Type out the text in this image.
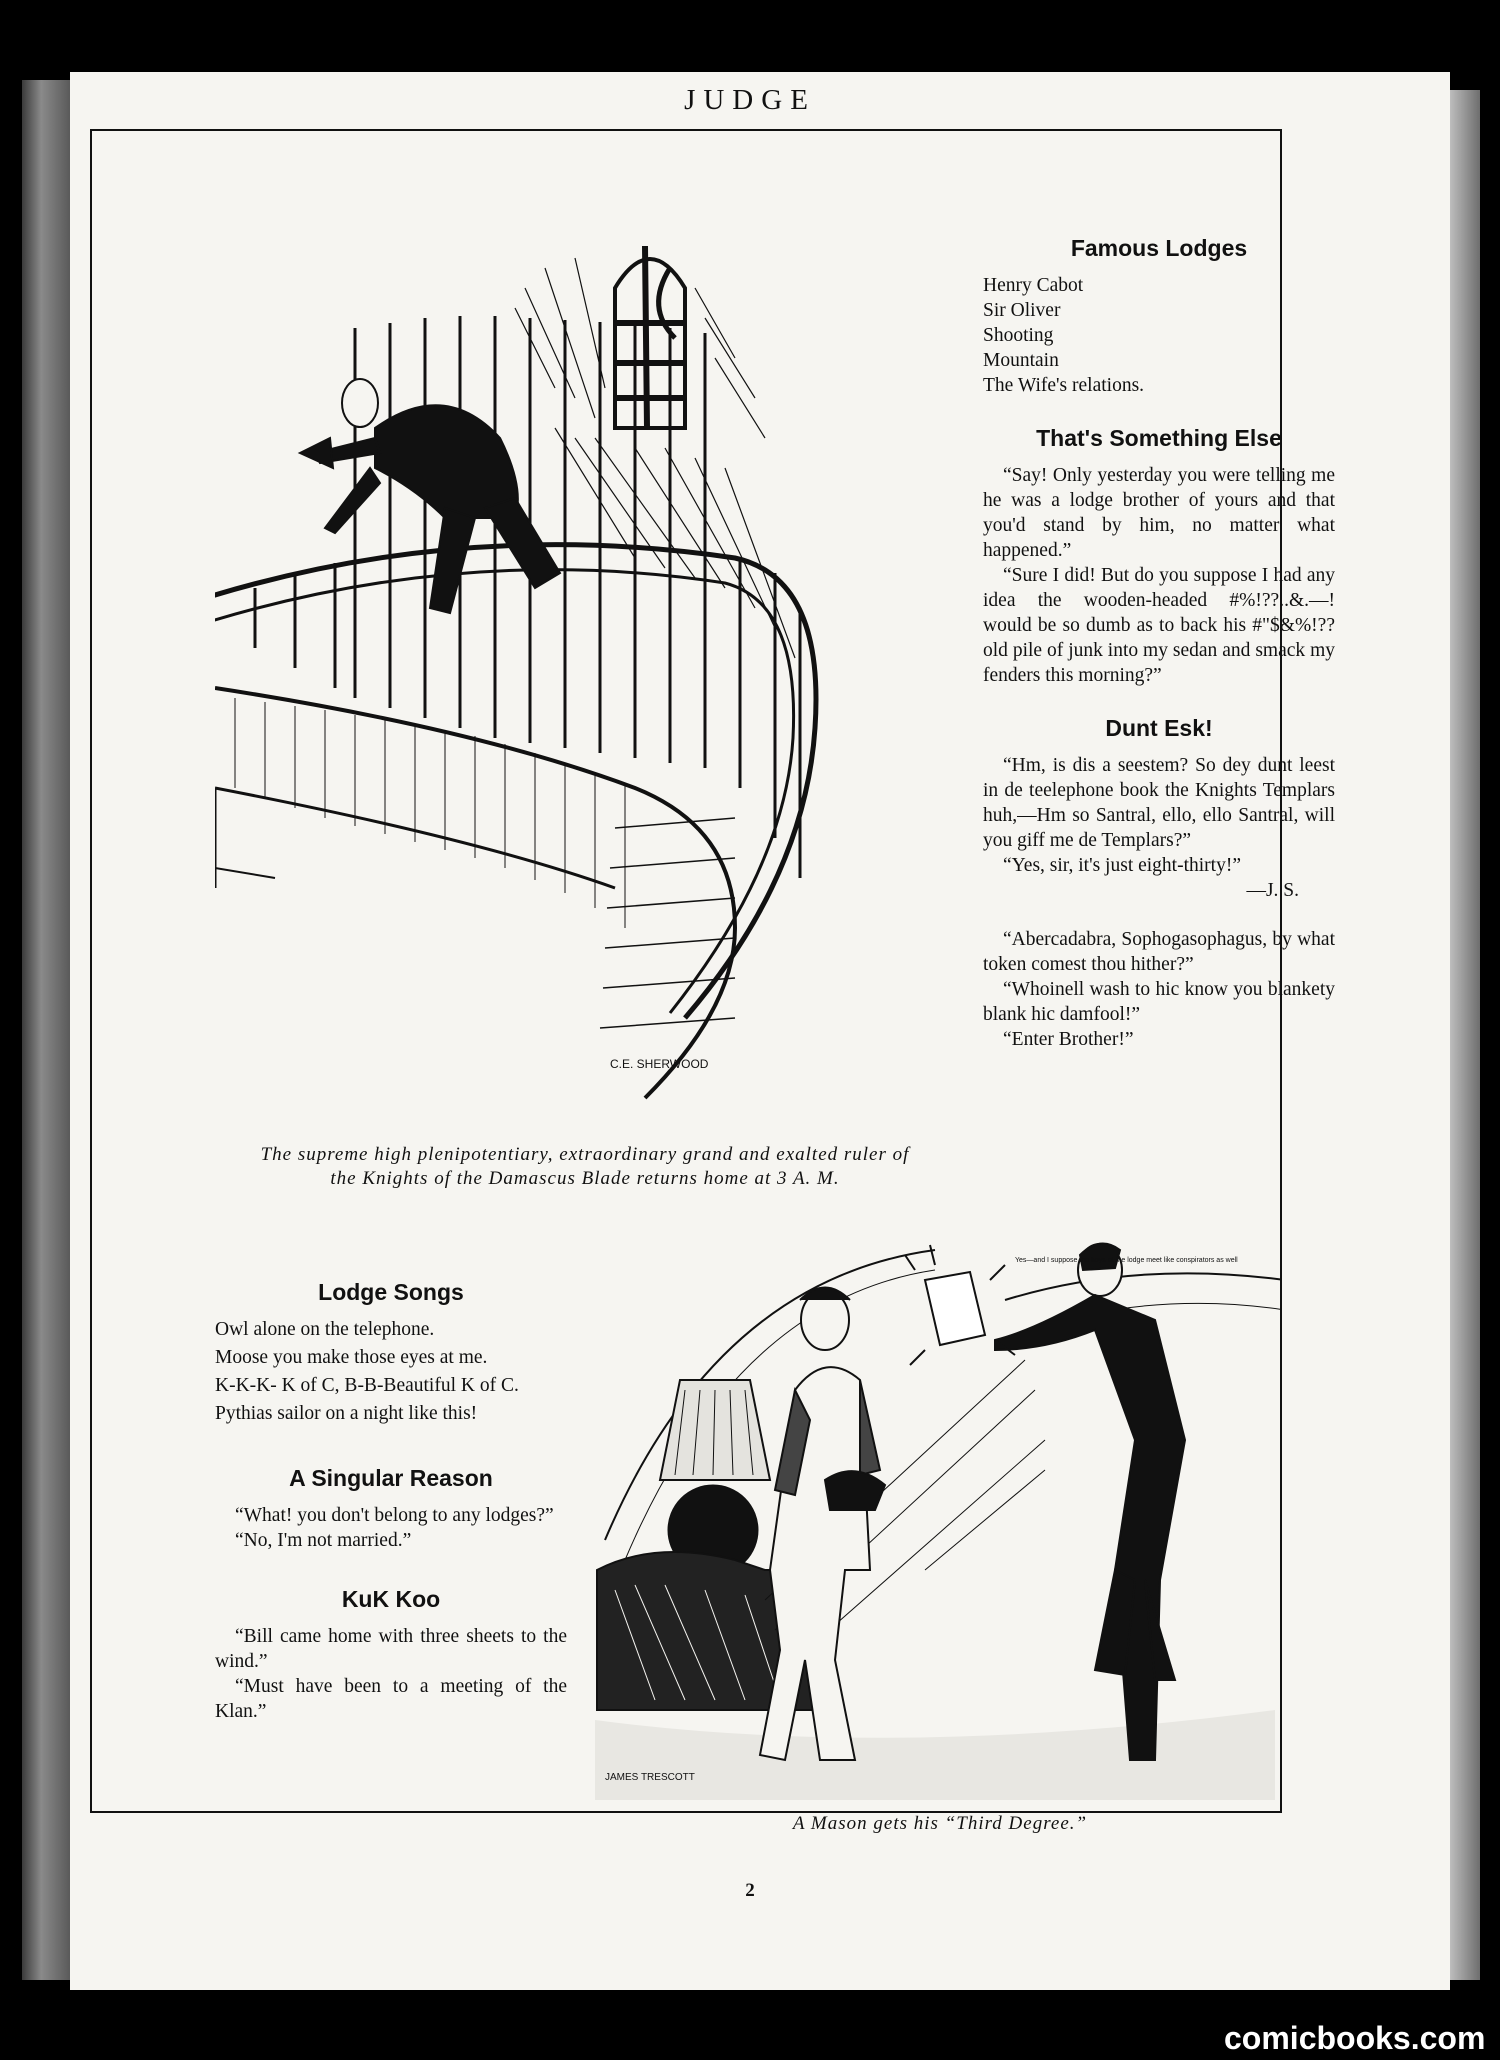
JUDGE
C.E. SHERWOOD
The supreme high plenipotentiary, extraordinary grand and exalted ruler of the Knights of the Damascus Blade returns home at 3 A. M.
Famous Lodges
Henry Cabot
Sir Oliver
Shooting
Mountain
The Wife's relations.
That's Something Else

“Say! Only yesterday you were telling me he was a lodge brother of yours and that you'd stand by him, no matter what happened.”

“Sure I did! But do you suppose I had any idea the wooden-headed #%!??..&.—! would be so dumb as to back his #"$&%!?? old pile of junk into my sedan and smack my fenders this morning?”

Dunt Esk!

“Hm, is dis a seestem? So dey dunt leest in de teelephone book the Knights Templars huh,—Hm so Santral, ello, ello Santral, will you giff me de Templars?”

“Yes, sir, it's just eight-thirty!”

—J. S.

“Abercadabra, Sophogasophagus, by what token comest thou hither?”

“Whoinell wash to hic know you blankety blank hic damfool!”

“Enter Brother!”

Lodge Songs

Owl alone on the telephone.

Moose you make those eyes at me.

K-K-K- K of C, B-B-Beautiful K of C.

Pythias sailor on a night like this!

A Singular Reason

“What! you don't belong to any lodges?”

“No, I'm not married.”

KuK Koo

“Bill came home with three sheets to the wind.”

“Must have been to a meeting of the Klan.”

Yes—and I suppose the boys at the lodge meet like conspirators as well
JAMES TRESCOTT
A Mason gets his “Third Degree.”
2
comicbooks.com
